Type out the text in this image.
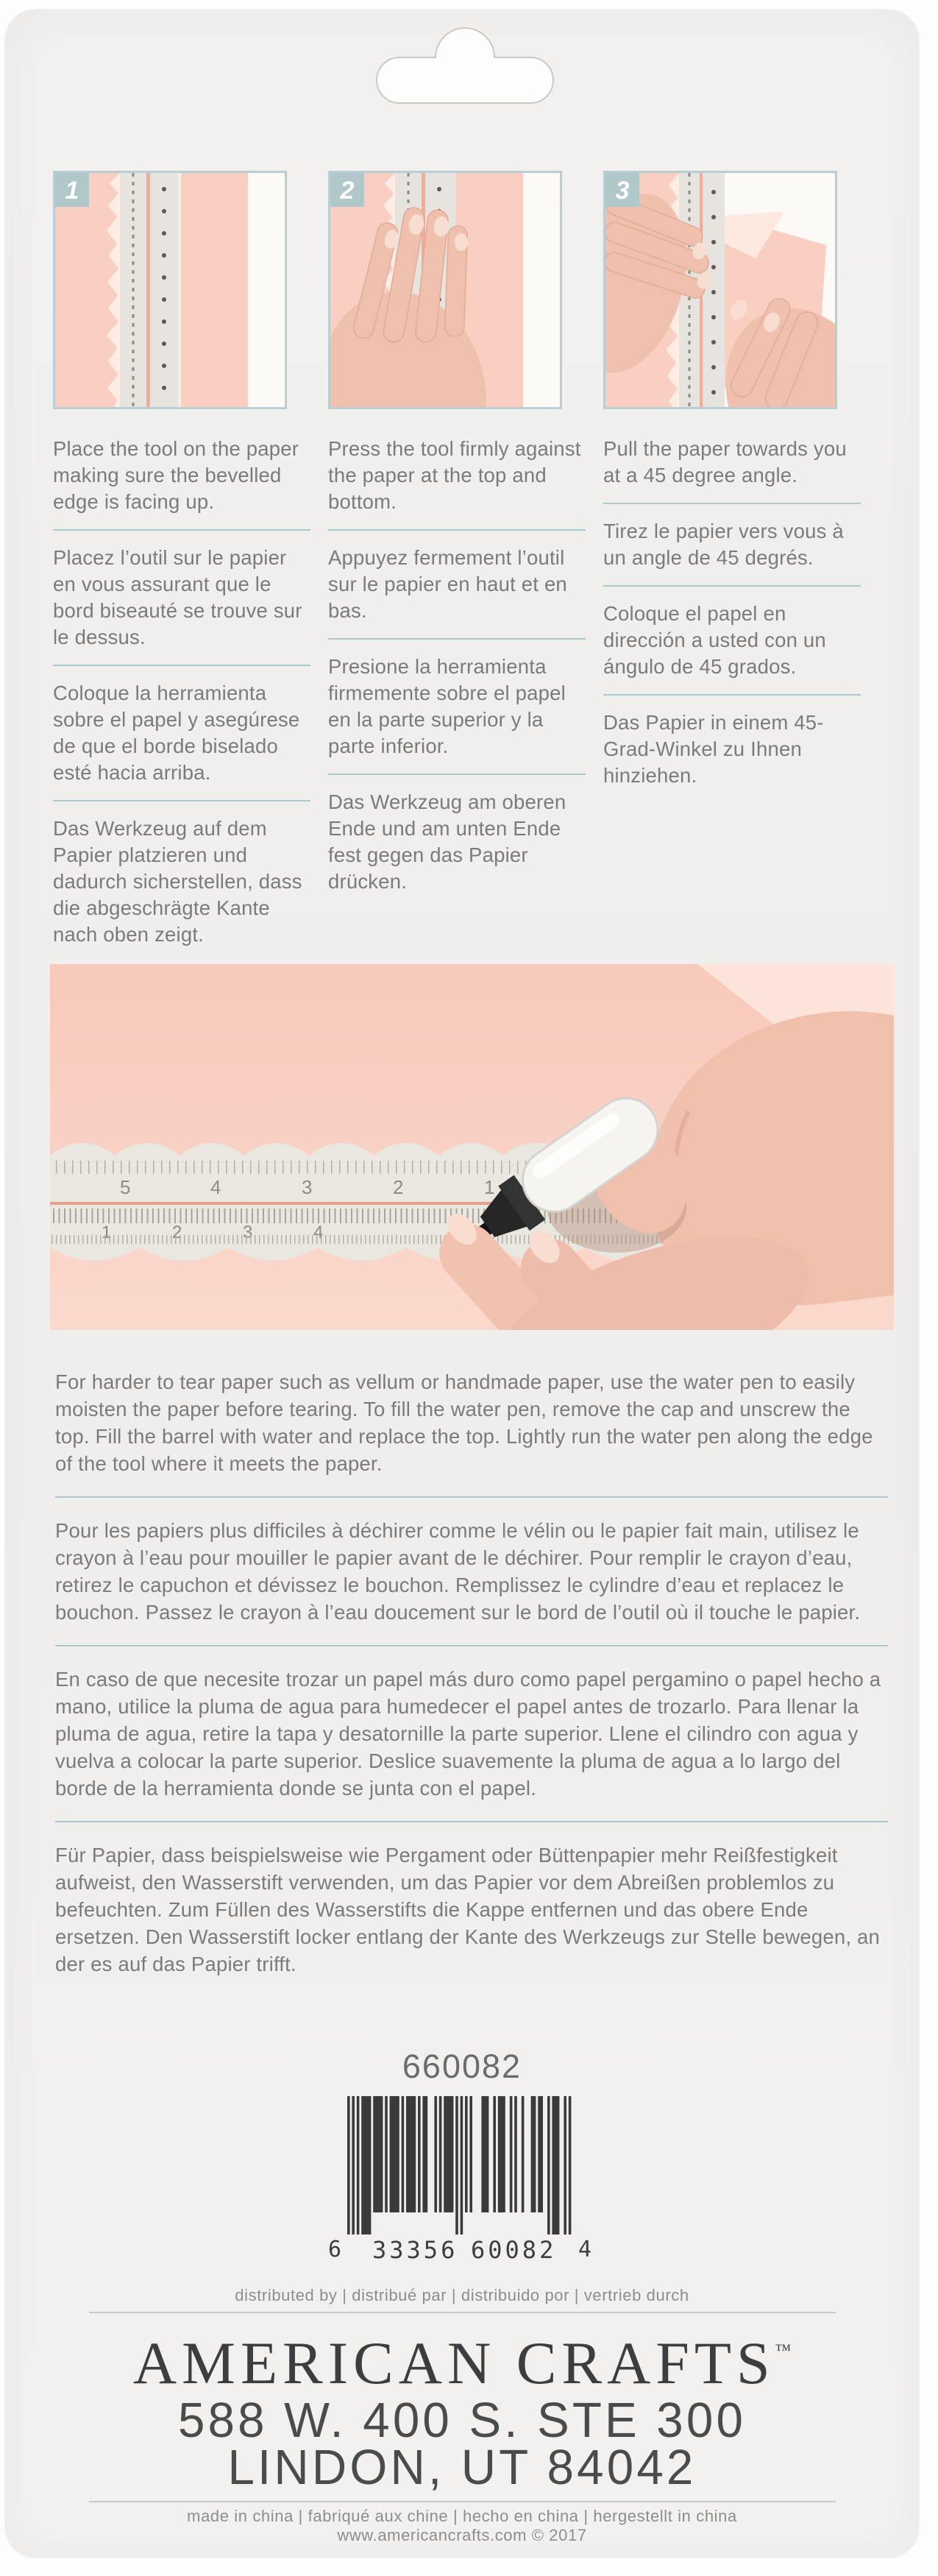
1

Place the tool on the paper making sure the bevelled edge is facing up.

Placez l’outil sur le papier en vous assurant que le bord biseauté se trouve sur le dessus.

Coloque la herramienta sobre el papel y asegúrese de que el borde biselado esté hacia arriba.

Das Werkzeug auf dem Papier platzieren und dadurch sicherstellen, dass die abgeschrägte Kante nach oben zeigt.

2

Press the tool firmly against the paper at the top and bottom.

Appuyez fermement l’outil sur le papier en haut et en bas.

Presione la herramienta firmemente sobre el papel en la parte superior y la parte inferior.

Das Werkzeug am oberen Ende und am unten Ende fest gegen das Papier drücken.

3

Pull the paper towards you at a 45 degree angle.

Tirez le papier vers vous à un angle de 45 degrés.

Coloque el papel en dirección a usted con un ángulo de 45 grados.

Das Papier in einem 45-Grad-Winkel zu Ihnen hinziehen.

5	4	3	2	1
1	2	3	4

For harder to tear paper such as vellum or handmade paper, use the water pen to easily moisten the paper before tearing. To fill the water pen, remove the cap and unscrew the top. Fill the barrel with water and replace the top. Lightly run the water pen along the edge of the tool where it meets the paper.

Pour les papiers plus difficiles à déchirer comme le vélin ou le papier fait main, utilisez le crayon à l’eau pour mouiller le papier avant de le déchirer. Pour remplir le crayon d’eau, retirez le capuchon et dévissez le bouchon. Remplissez le cylindre d’eau et replacez le bouchon. Passez le crayon à l’eau doucement sur le bord de l’outil où il touche le papier.

En caso de que necesite trozar un papel más duro como papel pergamino o papel hecho a mano, utilice la pluma de agua para humedecer el papel antes de trozarlo. Para llenar la pluma de agua, retire la tapa y desatornille la parte superior. Llene el cilindro con agua y vuelva a colocar la parte superior. Deslice suavemente la pluma de agua a lo largo del borde de la herramienta donde se junta con el papel.

Für Papier, dass beispielsweise wie Pergament oder Büttenpapier mehr Reißfestigkeit aufweist, den Wasserstift verwenden, um das Papier vor dem Abreißen problemlos zu befeuchten. Zum Füllen des Wasserstifts die Kappe entfernen und das obere Ende ersetzen. Den Wasserstift locker entlang der Kante des Werkzeugs zur Stelle bewegen, an der es auf das Papier trifft.

660082
6 33356 60082 4
distributed by | distribué par | distribuido por | vertrieb durch
AMERICAN CRAFTS™
588 W. 400 S. STE 300
LINDON, UT 84042
made in china | fabriqué aux chine | hecho en china | hergestellt in china
www.americancrafts.com © 2017
